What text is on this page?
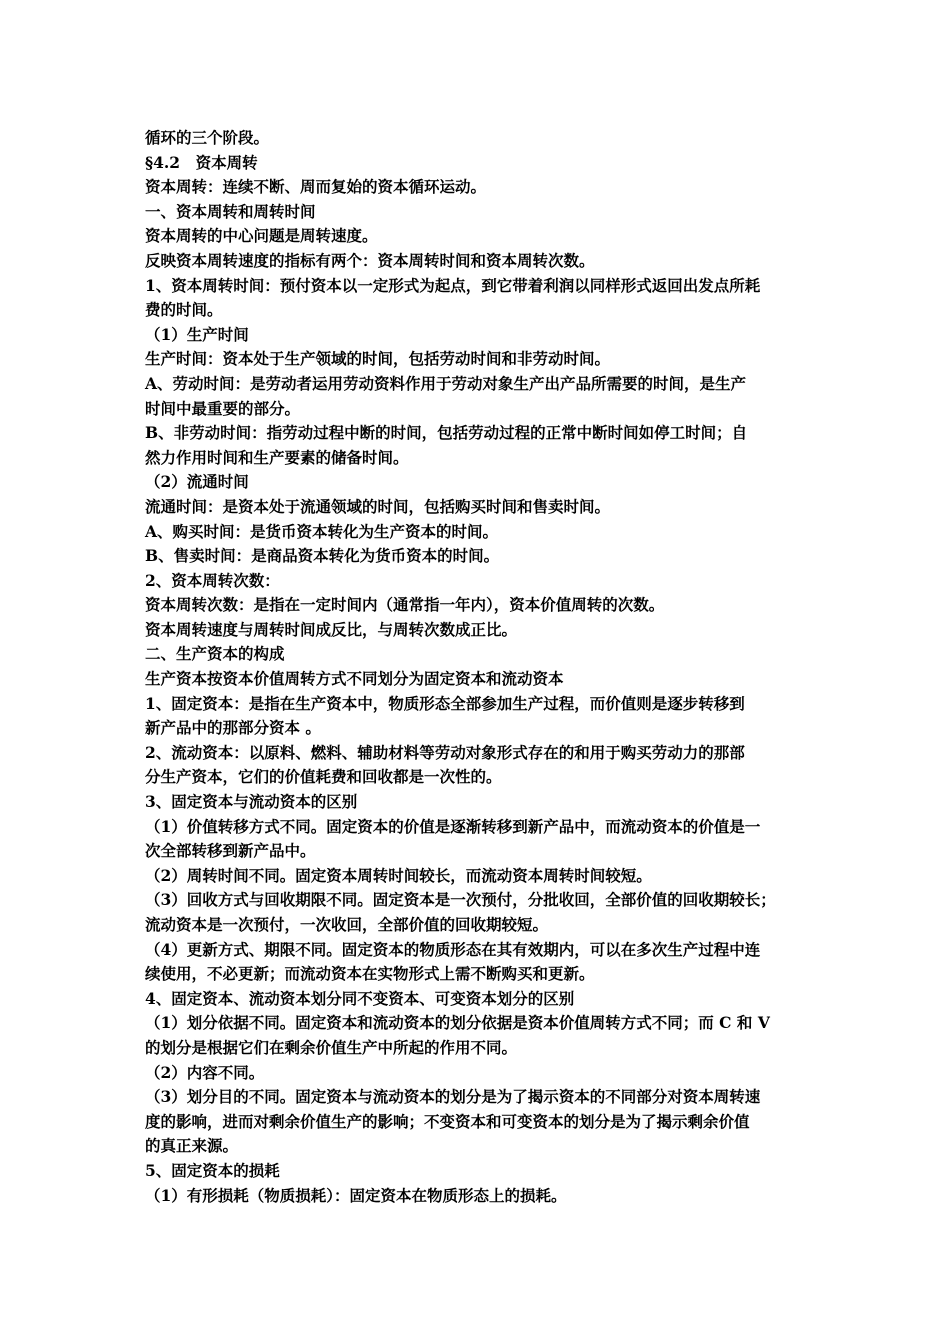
循环的三个阶段。

§4.2　资本周转

资本周转：连续不断、周而复始的资本循环运动。

一、资本周转和周转时间

资本周转的中心问题是周转速度。

反映资本周转速度的指标有两个：资本周转时间和资本周转次数。

1、资本周转时间：预付资本以一定形式为起点，到它带着利润以同样形式返回出发点所耗

费的时间。

（1）生产时间

生产时间：资本处于生产领域的时间，包括劳动时间和非劳动时间。

A、劳动时间：是劳动者运用劳动资料作用于劳动对象生产出产品所需要的时间，是生产

时间中最重要的部分。

B、非劳动时间：指劳动过程中断的时间，包括劳动过程的正常中断时间如停工时间；自

然力作用时间和生产要素的储备时间。

（2）流通时间

流通时间：是资本处于流通领域的时间，包括购买时间和售卖时间。

A、购买时间：是货币资本转化为生产资本的时间。

B、售卖时间：是商品资本转化为货币资本的时间。

2、资本周转次数：

资本周转次数：是指在一定时间内（通常指一年内），资本价值周转的次数。

资本周转速度与周转时间成反比，与周转次数成正比。

二、生产资本的构成

生产资本按资本价值周转方式不同划分为固定资本和流动资本

1、固定资本：是指在生产资本中，物质形态全部参加生产过程，而价值则是逐步转移到

新产品中的那部分资本 。

2、流动资本：以原料、燃料、辅助材料等劳动对象形式存在的和用于购买劳动力的那部

分生产资本，它们的价值耗费和回收都是一次性的。

3、固定资本与流动资本的区别

（1）价值转移方式不同。固定资本的价值是逐渐转移到新产品中，而流动资本的价值是一

次全部转移到新产品中。

（2）周转时间不同。固定资本周转时间较长，而流动资本周转时间较短。

（3）回收方式与回收期限不同。固定资本是一次预付，分批收回，全部价值的回收期较长；

流动资本是一次预付，一次收回，全部价值的回收期较短。

（4）更新方式、期限不同。固定资本的物质形态在其有效期内，可以在多次生产过程中连

续使用，不必更新；而流动资本在实物形式上需不断购买和更新。

4、固定资本、流动资本划分同不变资本、可变资本划分的区别

（1）划分依据不同。固定资本和流动资本的划分依据是资本价值周转方式不同；而 C 和 V

的划分是根据它们在剩余价值生产中所起的作用不同。

（2）内容不同。

（3）划分目的不同。固定资本与流动资本的划分是为了揭示资本的不同部分对资本周转速

度的影响，进而对剩余价值生产的影响；不变资本和可变资本的划分是为了揭示剩余价值

的真正来源。

5、固定资本的损耗

（1）有形损耗（物质损耗）：固定资本在物质形态上的损耗。
